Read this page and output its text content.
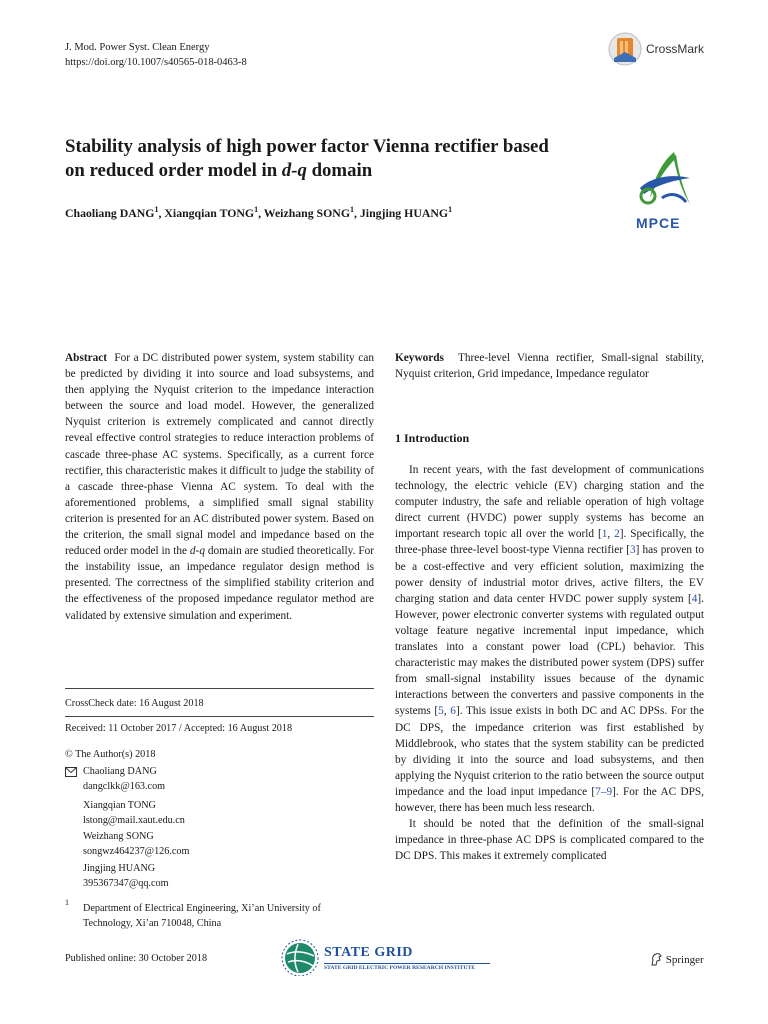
J. Mod. Power Syst. Clean Energy
https://doi.org/10.1007/s40565-018-0463-8
CrossMark
Stability analysis of high power factor Vienna rectifier based
on reduced order model in d-q domain
Chaoliang DANG$^1$, Xiangqian TONG$^1$, Weizhang SONG$^1$, Jingjing HUANG$^1$
MPCE
Abstract For a DC distributed power system, system stability can be predicted by dividing it into source and load subsystems, and then applying the Nyquist criterion to the impedance interaction between the source and load model. However, the generalized Nyquist criterion is extremely complicated and cannot directly reveal effective control strategies to reduce interaction problems of cascade three-phase AC systems. Specifically, as a current force rectifier, this characteristic makes it difficult to judge the stability of a cascade three-phase Vienna AC system. To deal with the aforementioned problems, a simplified small signal stability criterion is presented for an AC distributed power system. Based on the criterion, the small signal model and impedance based on the reduced order model in the d-q domain are studied theoretically. For the instability issue, an impedance regulator design method is presented. The correctness of the simplified stability criterion and the effectiveness of the proposed impedance regulator method are validated by extensive simulation and experiment.
CrossCheck date: 16 August 2018
Received: 11 October 2017 / Accepted: 16 August 2018
© The Author(s) 2018
Chaoliang DANG
dangclkk@163.com
Xiangqian TONG
lstong@mail.xaut.edu.cn
Weizhang SONG
songwz464237@126.com
Jingjing HUANG
395367347@qq.com
1
Department of Electrical Engineering, Xi’an University of
Technology, Xi’an 710048, China
Keywords Three-level Vienna rectifier, Small-signal stability, Nyquist criterion, Grid impedance, Impedance regulator
1 Introduction

In recent years, with the fast development of communications technology, the electric vehicle (EV) charging station and the computer industry, the safe and reliable operation of high voltage direct current (HVDC) power supply systems has become an important research topic all over the world [1, 2]. Specifically, the three-phase three-level boost-type Vienna rectifier [3] has proven to be a cost-effective and very efficient solution, maximizing the power density of industrial motor drives, active filters, the EV charging station and data center HVDC power supply system [4]. However, power electronic converter systems with regulated output voltage feature negative incremental input impedance, which translates into a constant power load (CPL) behavior. This characteristic may makes the distributed power system (DPS) suffer from small-signal instability issues because of the dynamic interactions between the converters and passive components in the systems [5, 6]. This issue exists in both DC and AC DPSs. For the DC DPS, the impedance criterion was first established by Middlebrook, who states that the system stability can be predicted by dividing it into the source and load subsystems, and then applying the Nyquist criterion to the ratio between the source output impedance and the load input impedance [7–9]. For the AC DPS, however, there has been much less research.

It should be noted that the definition of the small-signal impedance in three-phase AC DPS is complicated compared to the DC DPS. This makes it extremely complicated

Published online: 30 October 2018	STATE GRID
STATE GRID ELECTRIC POWER RESEARCH INSTITUTE
Springer
